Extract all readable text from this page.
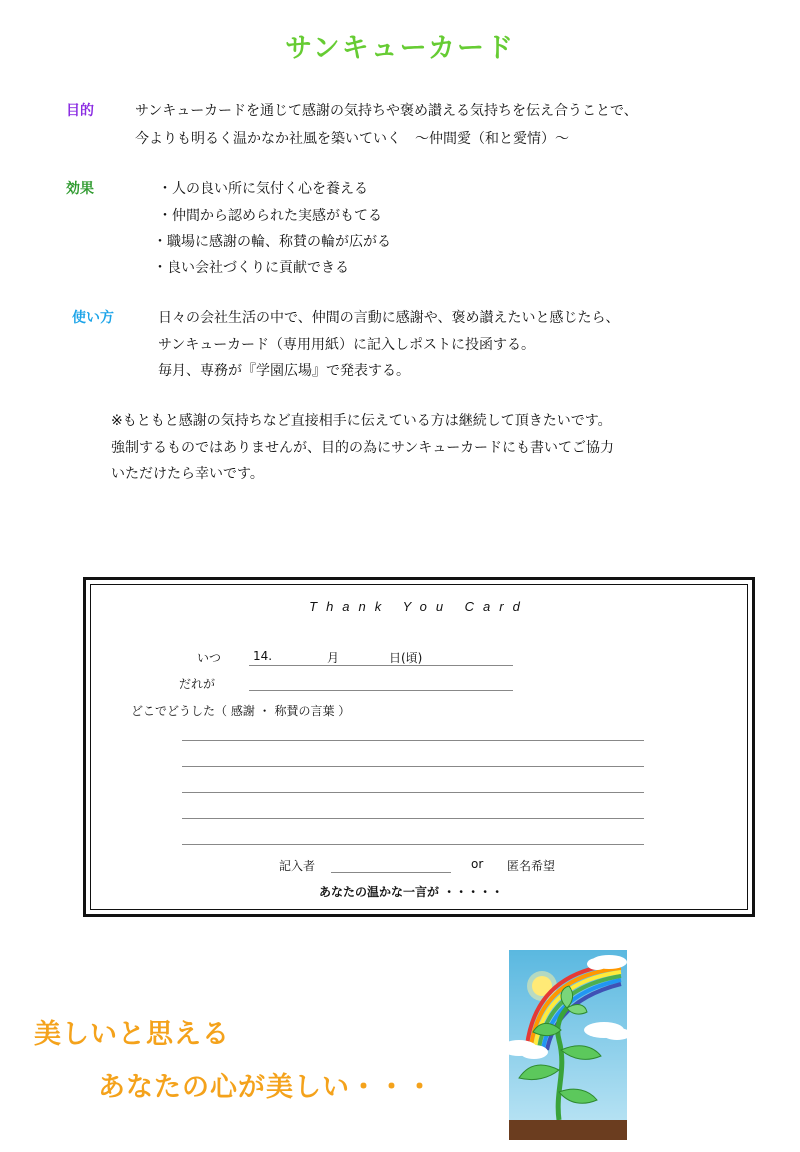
サンキューカード
目的	サンキューカードを通じて感謝の気持ちや褒め讃える気持ちを伝え合うことで、
今よりも明るく温かなか社風を築いていく　～仲間愛（和と愛情）～
効果	・人の良い所に気付く心を養える
・仲間から認められた実感がもてる
・職場に感謝の輪、称賛の輪が広がる
・良い会社づくりに貢献できる
使い方	日々の会社生活の中で、仲間の言動に感謝や、褒め讃えたいと感じたら、
サンキューカード（専用用紙）に記入しポストに投函する。
毎月、専務が『学園広場』で発表する。
※もともと感謝の気持ちなど直接相手に伝えている方は継続して頂きたいです。
強制するものではありませんが、目的の為にサンキューカードにも書いてご協力
いただけたら幸いです。
Thank You Card
いつ	14.	月	日(頃)
だれが
どこでどうした（ 感謝 ・ 称賛の言葉 ）
記入者	or 匿名希望
あなたの温かな一言が ・・・・・
美しいと思える
あなたの心が美しい・・・
